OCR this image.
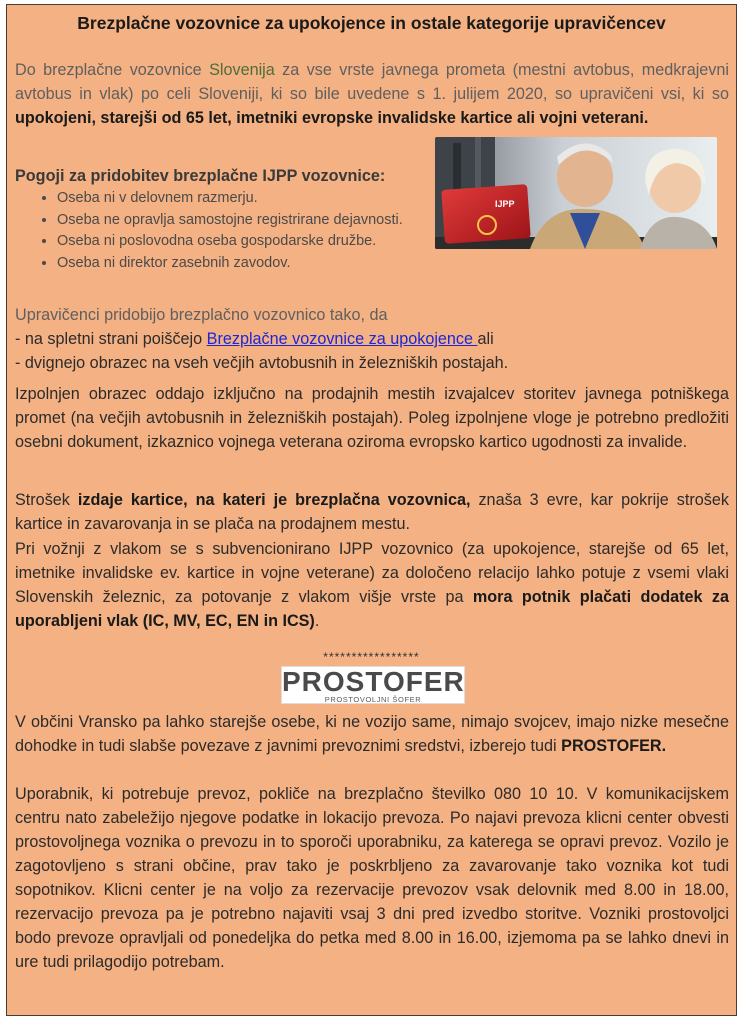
Brezplačne vozovnice za upokojence in ostale kategorije upravičencev
Do brezplačne vozovnice Slovenija za vse vrste javnega prometa (mestni avtobus, medkrajevni avtobus in vlak) po celi Sloveniji, ki so bile uvedene s 1. julijem 2020, so upravičeni vsi, ki so upokojeni, starejši od 65 let, imetniki evropske invalidske kartice ali vojni veterani.
IJPP
Pogoji za pridobitev brezplačne IJPP vozovnice:
• Oseba ni v delovnem razmerju.
• Oseba ne opravlja samostojne registrirane dejavnosti.
• Oseba ni poslovodna oseba gospodarske družbe.
• Oseba ni direktor zasebnih zavodov.
Upravičenci pridobijo brezplačno vozovnico tako, da
- na spletni strani poiščejo Brezplačne vozovnice za upokojence ali
- dvignejo obrazec na vseh večjih avtobusnih in železniških postajah.
Izpolnjen obrazec oddajo izključno na prodajnih mestih izvajalcev storitev javnega potniškega promet (na večjih avtobusnih in železniških postajah). Poleg izpolnjene vloge je potrebno predložiti osebni dokument, izkaznico vojnega veterana oziroma evropsko kartico ugodnosti za invalide.
Strošek izdaje kartice, na kateri je brezplačna vozovnica, znaša 3 evre, kar pokrije strošek kartice in zavarovanja in se plača na prodajnem mestu.
Pri vožnji z vlakom se s subvencionirano IJPP vozovnico (za upokojence, starejše od 65 let, imetnike invalidske ev. kartice in vojne veterane) za določeno relacijo lahko potuje z vsemi vlaki Slovenskih železnic, za potovanje z vlakom višje vrste pa mora potnik plačati dodatek za uporabljeni vlak (IC, MV, EC, EN in ICS).
*****************
PROSTOFER
PROSTOVOLJNI ŠOFER
V občini Vransko pa lahko starejše osebe, ki ne vozijo same, nimajo svojcev, imajo nizke mesečne dohodke in tudi slabše povezave z javnimi prevoznimi sredstvi, izberejo tudi PROSTOFER.
Uporabnik, ki potrebuje prevoz, pokliče na brezplačno številko 080 10 10. V komunikacijskem centru nato zabeležijo njegove podatke in lokacijo prevoza. Po najavi prevoza klicni center obvesti prostovoljnega voznika o prevozu in to sporoči uporabniku, za katerega se opravi prevoz. Vozilo je zagotovljeno s strani občine, prav tako je poskrbljeno za zavarovanje tako voznika kot tudi sopotnikov. Klicni center je na voljo za rezervacije prevozov vsak delovnik med 8.00 in 18.00, rezervacijo prevoza pa je potrebno najaviti vsaj 3 dni pred izvedbo storitve. Vozniki prostovoljci bodo prevoze opravljali od ponedeljka do petka med 8.00 in 16.00, izjemoma pa se lahko dnevi in ure tudi prilagodijo potrebam.
